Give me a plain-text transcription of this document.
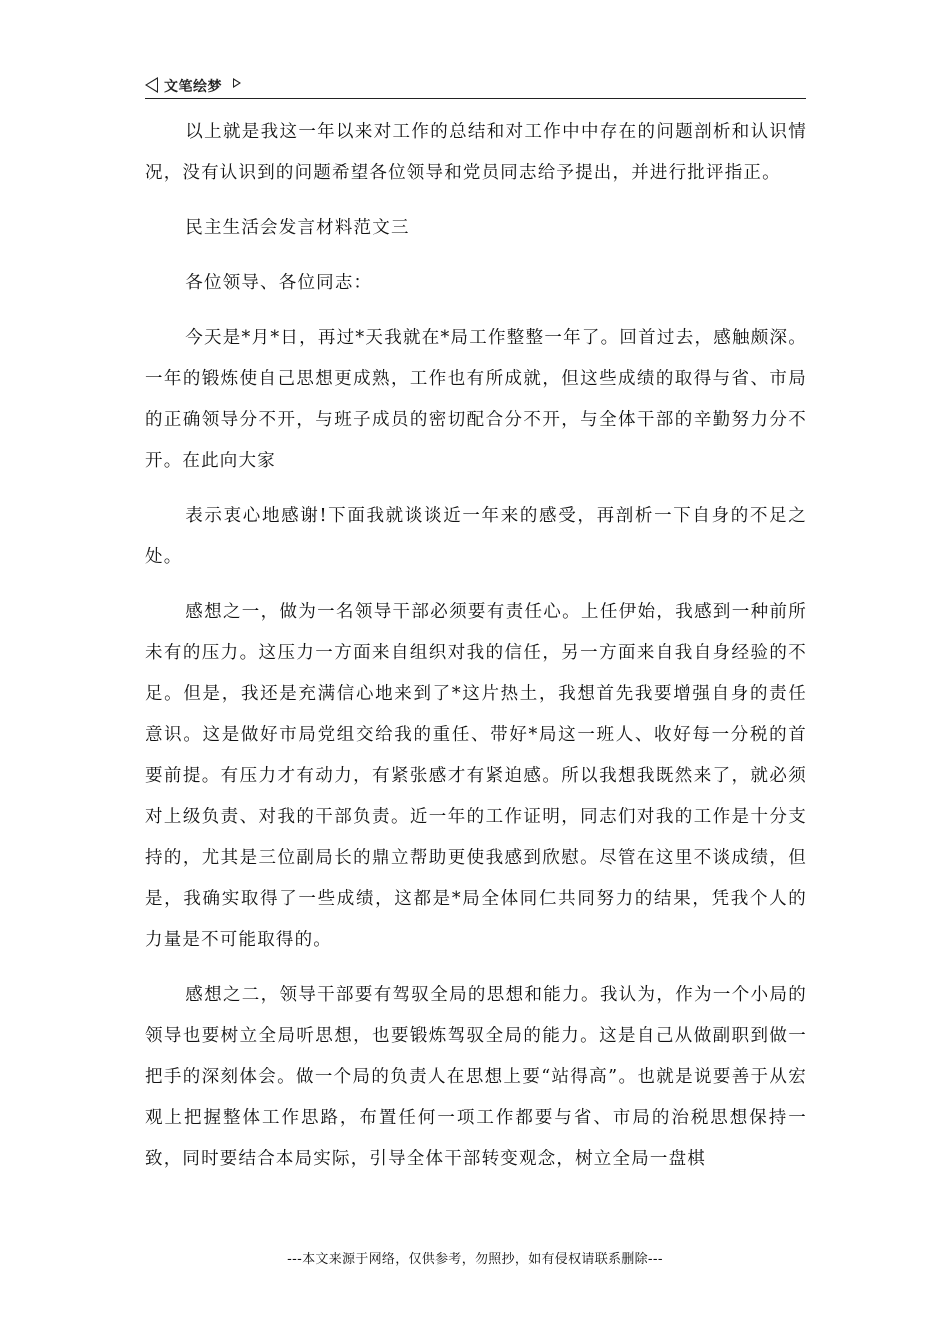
文笔绘梦

以上就是我这一年以来对工作的总结和对工作中中存在的问题剖析和认识情况，没有认识到的问题希望各位领导和党员同志给予提出，并进行批评指正。

民主生活会发言材料范文三

各位领导、各位同志：

今天是*月*日，再过*天我就在*局工作整整一年了。回首过去，感触颇深。一年的锻炼使自己思想更成熟，工作也有所成就，但这些成绩的取得与省、市局的正确领导分不开，与班子成员的密切配合分不开，与全体干部的辛勤努力分不开。在此向大家

表示衷心地感谢!下面我就谈谈近一年来的感受，再剖析一下自身的不足之处。

感想之一，做为一名领导干部必须要有责任心。上任伊始，我感到一种前所未有的压力。这压力一方面来自组织对我的信任，另一方面来自我自身经验的不足。但是，我还是充满信心地来到了*这片热土，我想首先我要增强自身的责任意识。这是做好市局党组交给我的重任、带好*局这一班人、收好每一分税的首要前提。有压力才有动力，有紧张感才有紧迫感。所以我想我既然来了，就必须对上级负责、对我的干部负责。近一年的工作证明，同志们对我的工作是十分支持的，尤其是三位副局长的鼎立帮助更使我感到欣慰。尽管在这里不谈成绩，但是，我确实取得了一些成绩，这都是*局全体同仁共同努力的结果，凭我个人的力量是不可能取得的。

感想之二，领导干部要有驾驭全局的思想和能力。我认为，作为一个小局的领导也要树立全局听思想，也要锻炼驾驭全局的能力。这是自己从做副职到做一把手的深刻体会。做一个局的负责人在思想上要“站得高”。也就是说要善于从宏观上把握整体工作思路，布置任何一项工作都要与省、市局的治税思想保持一致，同时要结合本局实际，引导全体干部转变观念，树立全局一盘棋

---本文来源于网络，仅供参考，勿照抄，如有侵权请联系删除---
